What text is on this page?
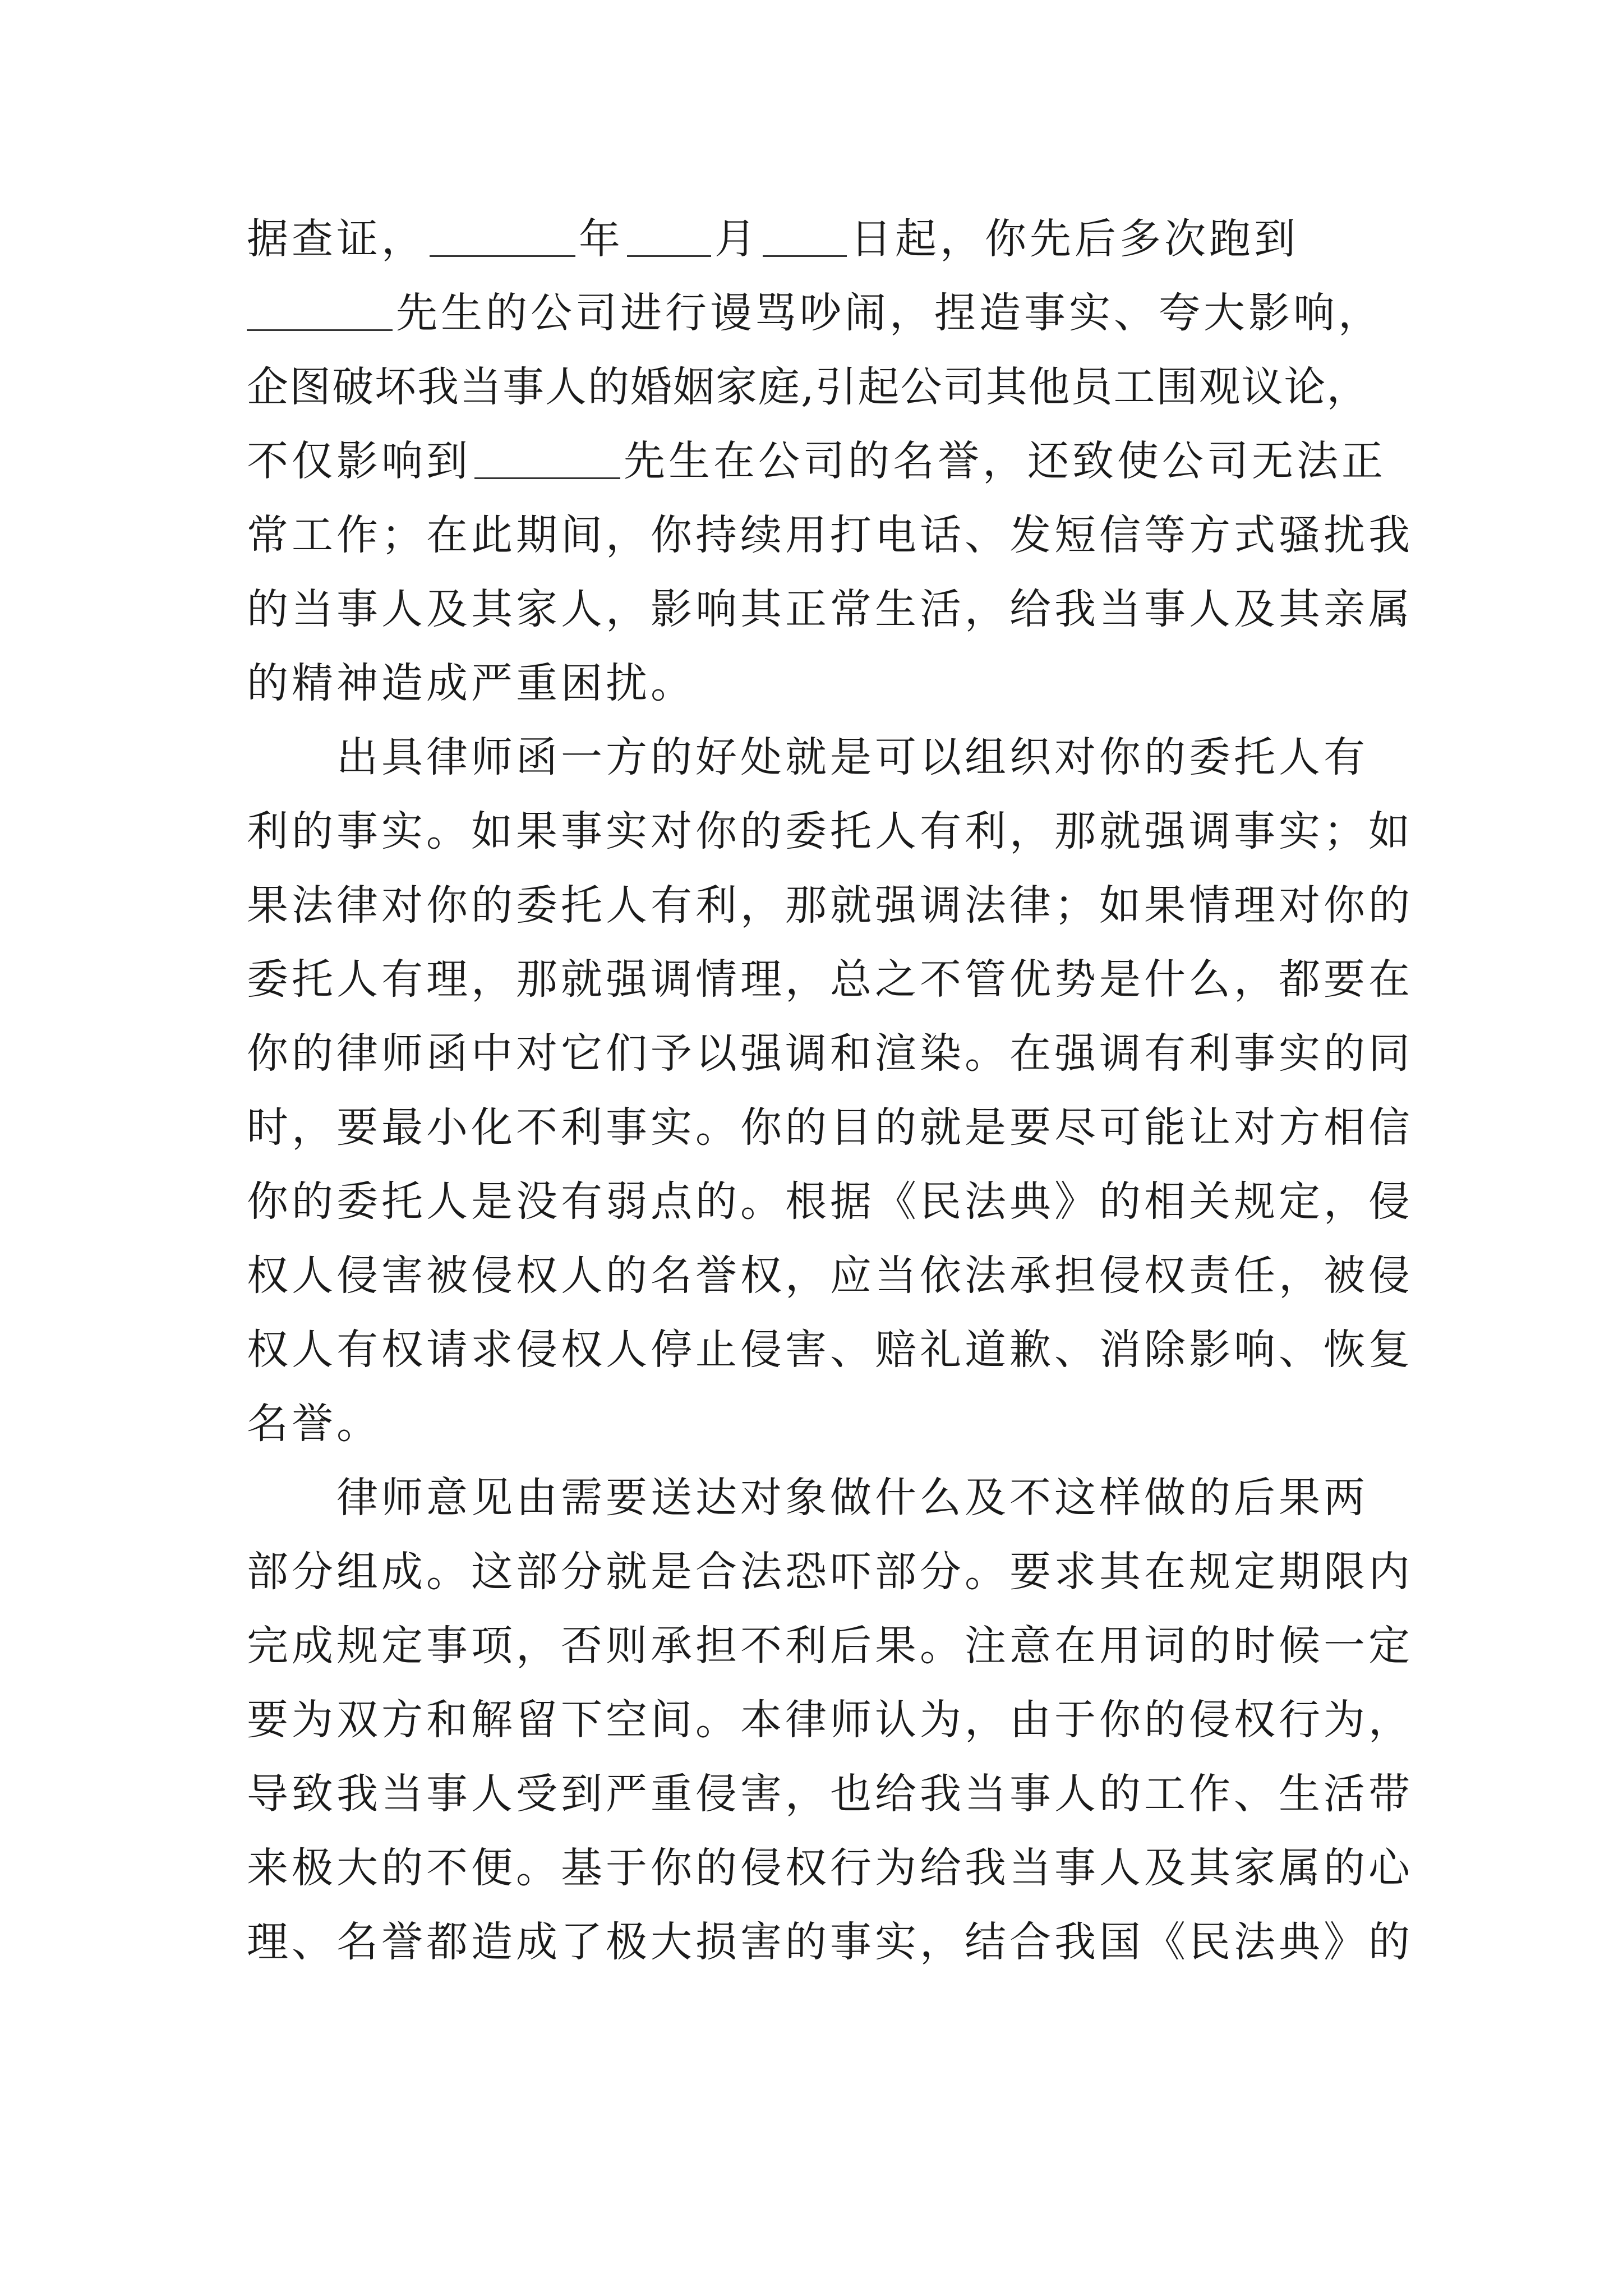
据查证，	年 月 日起，你先后多次跑到
先生的公司进行谩骂吵闹，捏造事实、夸大影响，
企图破坏我当事人的婚姻家庭,引起公司其他员工围观议论，
不仅影响到	先生在公司的名誉，还致使公司无法正
常工作；在此期间，你持续用打电话、发短信等方式骚扰我
的当事人及其家人，影响其正常生活，给我当事人及其亲属
的精神造成严重困扰。
出具律师函一方的好处就是可以组织对你的委托人有
利的事实。如果事实对你的委托人有利，那就强调事实；如
果法律对你的委托人有利，那就强调法律；如果情理对你的
委托人有理，那就强调情理，总之不管优势是什么，都要在
你的律师函中对它们予以强调和渲染。在强调有利事实的同
时，要最小化不利事实。你的目的就是要尽可能让对方相信
你的委托人是没有弱点的。根据《民法典》的相关规定，侵
权人侵害被侵权人的名誉权，应当依法承担侵权责任，被侵
权人有权请求侵权人停止侵害、赔礼道歉、消除影响、恢复
名誉。
律师意见由需要送达对象做什么及不这样做的后果两
部分组成。这部分就是合法恐吓部分。要求其在规定期限内
完成规定事项，否则承担不利后果。注意在用词的时候一定
要为双方和解留下空间。本律师认为，由于你的侵权行为，
导致我当事人受到严重侵害，也给我当事人的工作、生活带
来极大的不便。基于你的侵权行为给我当事人及其家属的心
理、名誉都造成了极大损害的事实，结合我国《民法典》的
